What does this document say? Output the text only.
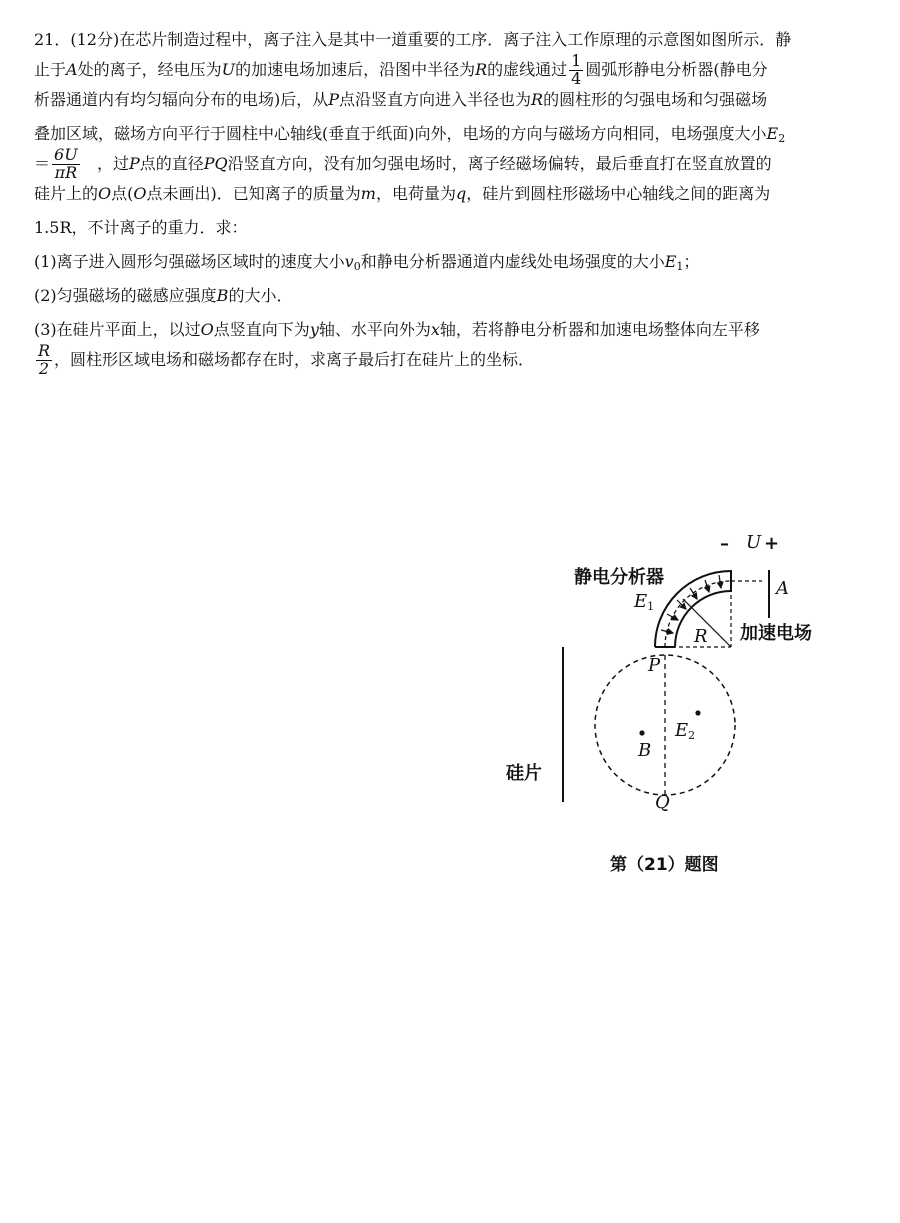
21．(12分)在芯片制造过程中，离子注入是其中一道重要的工序．离子注入工作原理的示意图如图所示．静

止于A处的离子，经电压为U的加速电场加速后，沿图中半径为R的虚线通过 $\frac{1}{4}$ 圆弧形静电分析器(静电分

析器通道内有均匀辐向分布的电场)后，从P点沿竖直方向进入半径也为R的圆柱形的匀强电场和匀强磁场

叠加区域，磁场方向平行于圆柱中心轴线(垂直于纸面)向外，电场的方向与磁场方向相同，电场强度大小$E_2$

＝ $\frac{6U}{\pi R}$ ，过P点的直径PQ沿竖直方向，没有加匀强电场时，离子经磁场偏转，最后垂直打在竖直放置的

硅片上的O点(O点未画出)．已知离子的质量为m，电荷量为q，硅片到圆柱形磁场中心轴线之间的距离为

1.5R，不计离子的重力．求：

(1)离子进入圆形匀强磁场区域时的速度大小$v_0$和静电分析器通道内虚线处电场强度的大小$E_1$；

(2)匀强磁场的磁感应强度B的大小．

(3)在硅片平面上，以过O点竖直向下为y轴、水平向外为x轴，若将静电分析器和加速电场整体向左平移

$\frac{R}{2}$ ，圆柱形区域电场和磁场都存在时，求离子最后打在硅片上的坐标．

静电分析器
加速电场
硅片
– U +
A
$E_1$
R
P
Q
B
$E_2$
第（21）题图
